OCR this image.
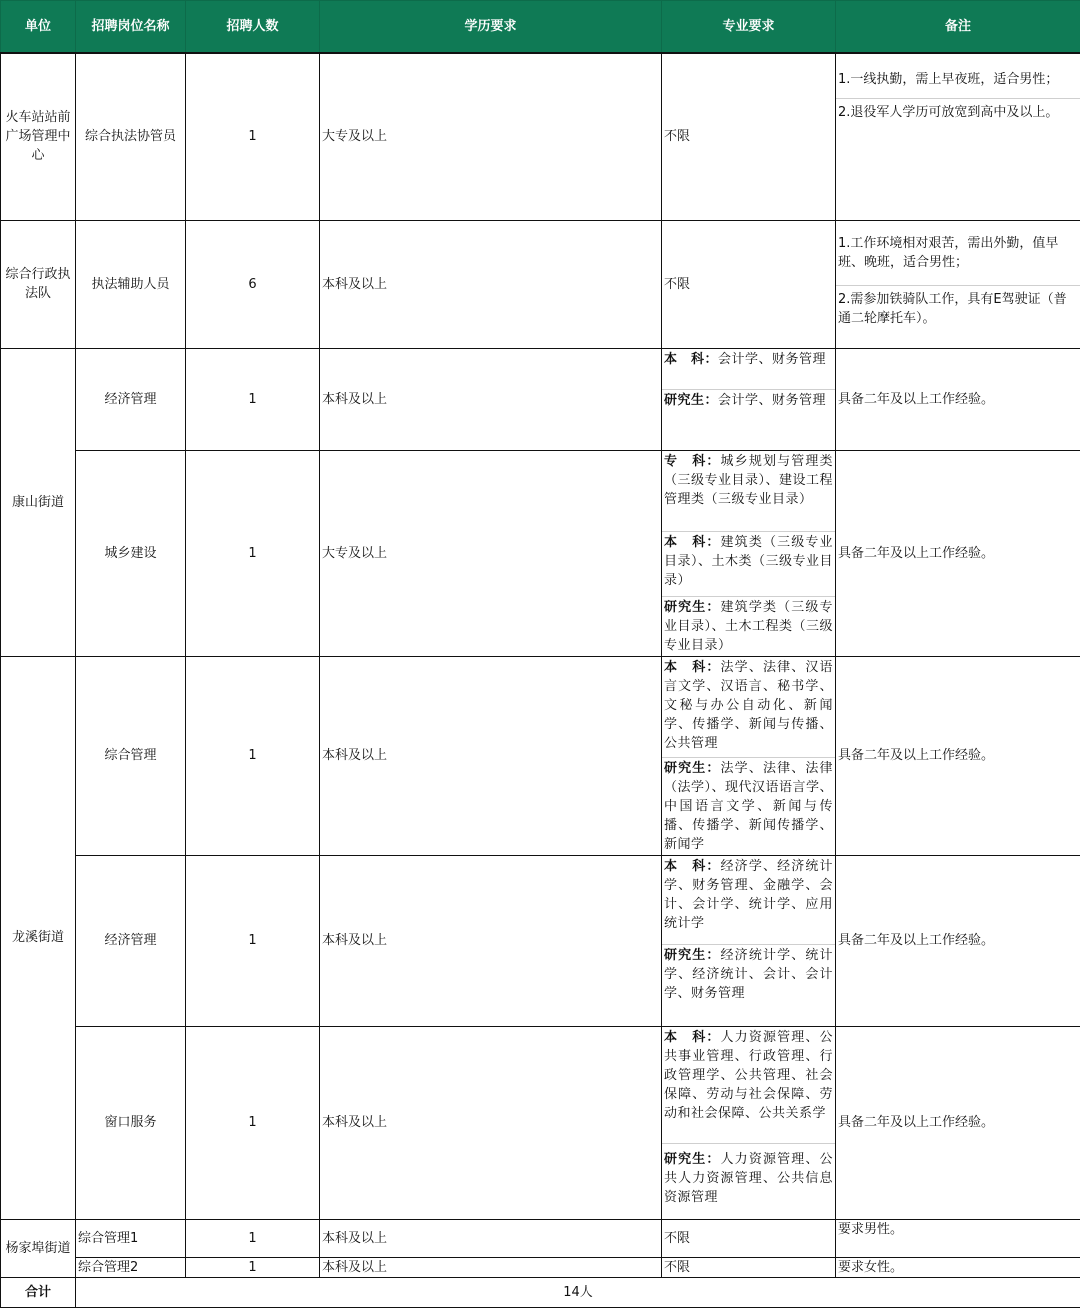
单位	招聘岗位名称	招聘人数	学历要求	专业要求	备注
火车站站前广场管理中心	综合执法协管员	1	大专及以上	不限	1.一线执勤，需上早夜班，适合男性；
2.退役军人学历可放宽到高中及以上。

综合行政执法队	执法辅助人员	6	本科及以上	不限	1.工作环境相对艰苦，需出外勤，值早班、晚班，适合男性；
2.需参加铁骑队工作，具有E驾驶证（普通二轮摩托车）。

康山街道	经济管理	1	本科及以上	本　科：会计学、财务管理
研究生：会计学、财务管理	具备二年及以上工作经验。
	城乡建设	1	大专及以上	专　科：城乡规划与管理类（三级专业目录）、建设工程管理类（三级专业目录）
本　科：建筑类（三级专业目录）、土木类（三级专业目录）
研究生：建筑学类（三级专业目录）、土木工程类（三级专业目录）	具备二年及以上工作经验。
龙溪街道	综合管理	1	本科及以上	本　科：法学、法律、汉语言文学、汉语言、秘书学、文秘与办公自动化、新闻学、传播学、新闻与传播、公共管理
研究生：法学、法律、法律（法学）、现代汉语语言学、中国语言文学、新闻与传播、传播学、新闻传播学、新闻学	具备二年及以上工作经验。
	经济管理	1	本科及以上	本　科：经济学、经济统计学、财务管理、金融学、会计、会计学、统计学、应用统计学
研究生：经济统计学、统计学、经济统计、会计、会计学、财务管理	具备二年及以上工作经验。
	窗口服务	1	本科及以上	本　科：人力资源管理、公共事业管理、行政管理、行政管理学、公共管理、社会保障、劳动与社会保障、劳动和社会保障、公共关系学
研究生：人力资源管理、公共人力资源管理、公共信息资源管理	具备二年及以上工作经验。
杨家埠街道	综合管理1	1	本科及以上	不限	要求男性。
	综合管理2	1	本科及以上	不限	要求女性。
合计	14人				
